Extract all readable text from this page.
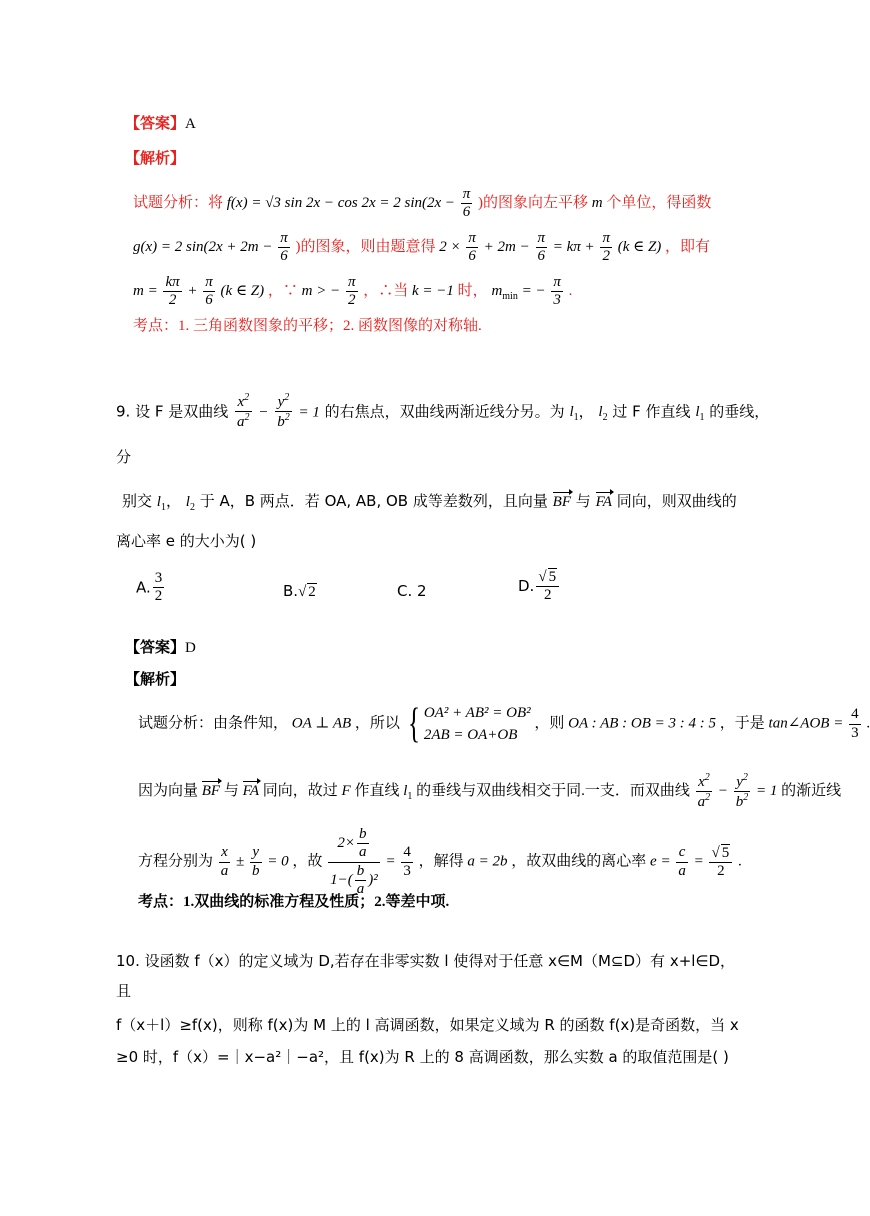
【答案】A
【解析】
试题分析：将 f(x) = √3 sin 2x − cos 2x = 2 $\sin(2x - \frac{\pi}{6}$ )的图象向左平移 m 个单位，得函数
g(x) = 2 $\sin(2x + 2m - \frac{\pi}{6}$ )的图象，则由题意得 $2 \times \frac{\pi}{6} + 2m - \frac{\pi}{6} = k\pi + \frac{\pi}{2} (k$ ∈ Z) ，即有
$m = \frac{k\pi}{2} + \frac{\pi}{6} (k$ ∈ Z) ，∵ m > − $\frac{\pi}{2}$ ，∴当 k = −1 时， $m_{min}$ = − $\frac{\pi}{3}$ .
考点：1. 三角函数图象的平移；2. 函数图像的对称轴.
9. 设 F 是双曲线 $\frac{x^2}{a^2} - \frac{y^2}{b^2} = 1$ 的右焦点，双曲线两渐近线分另。为 $l_1$， $l_2$ 过 F 作直线 $l_1$ 的垂线，
分
别交 $l_1$， $l_2$ 于 A，B 两点．若 OA, AB, OB 成等差数列，且向量 BF 与 FA 同向，则双曲线的
离心率 e 的大小为( )
A. $\frac{3}{2}$	B.√ 2	C. 2	D. $\frac{√ 5}{2}$
【答案】D
【解析】
试题分析：由条件知， OA ⊥ AB ，所以 { OA² + AB² = OB²
2AB = OA+OB
，则 OA : AB : OB = 3 : 4 : 5 ，于是 tan∠AOB = $\frac{4}{3}$ .
因为向量 BF 与 FA 同向，故过 F 作直线 $l_1$ 的垂线与双曲线相交于同.一支．而双曲线 $\frac{x^2}{a^2} - \frac{y^2}{b^2} = 1$ 的渐近线
方程分别为 $\frac{x}{a} \pm \frac{y}{b} = 0$ ，故 $\frac{2\times \frac{b}{a}}{1-( \frac{b}{a} )^2} = \frac{4}{3}$ ，解得 a = 2b ，故双曲线的离心率 $e = \frac{c}{a} = \frac{√ 5}{2}$ .
考点：1.双曲线的标准方程及性质；2.等差中项.
10. 设函数 f（x）的定义域为 D,若存在非零实数 l 使得对于任意 x∈M（M⊆D）有 x+l∈D，
且
f（x＋l）≥f(x)，则称 f(x)为 M 上的 l 高调函数，如果定义域为 R 的函数 f(x)是奇函数，当 x
≥0 时，f（x）=｜x−a²｜−a²，且 f(x)为 R 上的 8 高调函数，那么实数 a 的取值范围是( )
